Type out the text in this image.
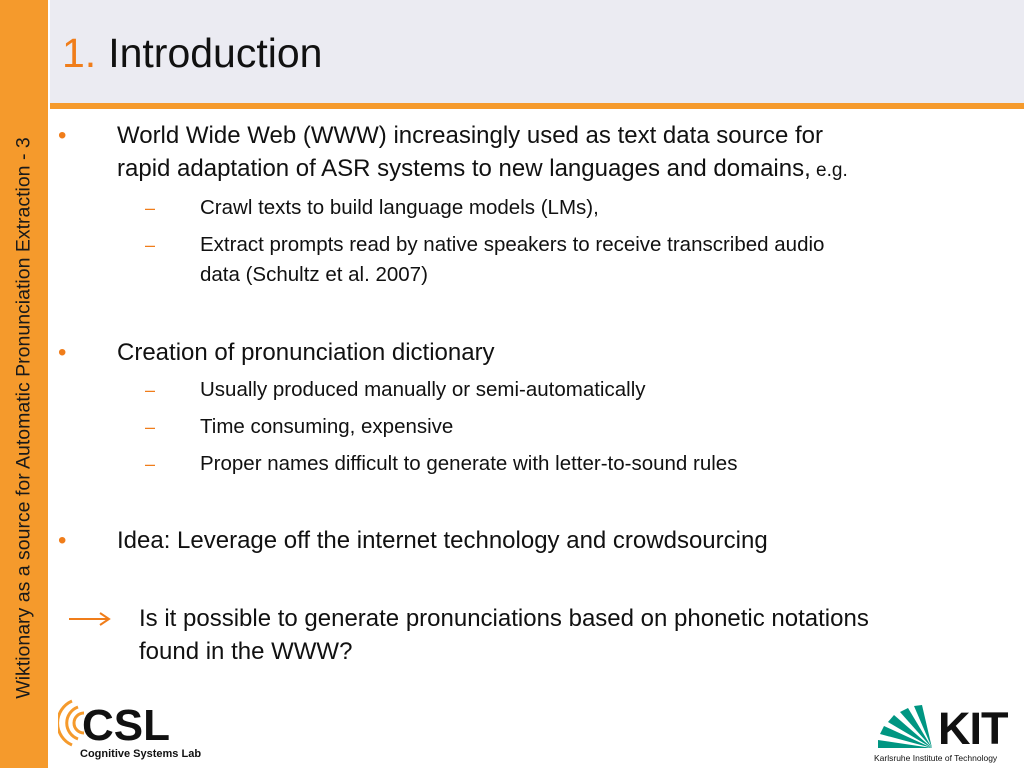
Wiktionary as a source for Automatic Pronunciation Extraction - 3
1. Introduction
• World Wide Web (WWW) increasingly used as text data source for
rapid adaptation of ASR systems to new languages and domains, e.g.
– Crawl texts to build language models (LMs),
– Extract prompts read by native speakers to receive transcribed audio
data (Schultz et al. 2007)
• Creation of pronunciation dictionary
– Usually produced manually or semi-automatically
– Time consuming, expensive
– Proper names difficult to generate with letter-to-sound rules
• Idea: Leverage off the internet technology and crowdsourcing
Is it possible to generate pronunciations based on phonetic notations
found in the WWW?
CSL
Cognitive Systems Lab	KIT
Karlsruhe Institute of Technology
